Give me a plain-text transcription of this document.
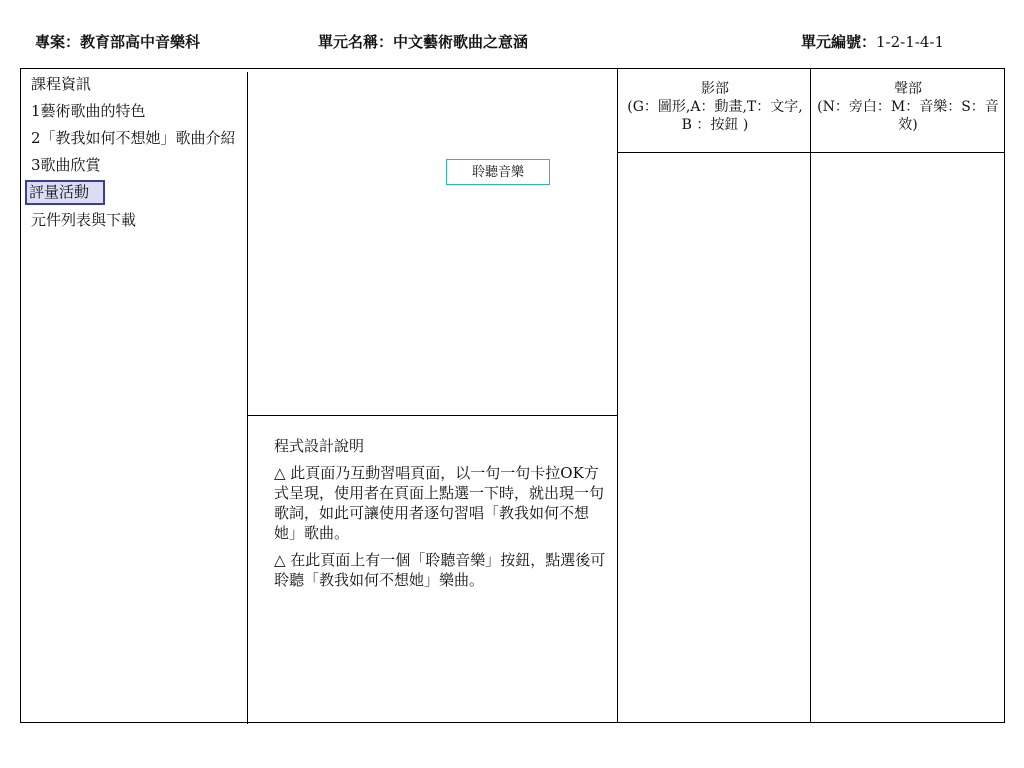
專案：教育部高中音樂科	單元名稱：中文藝術歌曲之意涵	單元編號：1-2-1-4-1
課程資訊
1藝術歌曲的特色
2「教我如何不想她」歌曲介紹
3歌曲欣賞
評量活動
元件列表與下載
聆聽音樂
影部
(G：圖形,A：動畫,T：文字, B ：按鈕 )
聲部
(N：旁白：M：音樂：S：音效)

程式設計說明

△ 此頁面乃互動習唱頁面，以一句一句卡拉OK方式呈現，使用者在頁面上點選一下時，就出現一句歌詞，如此可讓使用者逐句習唱「教我如何不想她」歌曲。

△ 在此頁面上有一個「聆聽音樂」按鈕，點選後可聆聽「教我如何不想她」樂曲。
